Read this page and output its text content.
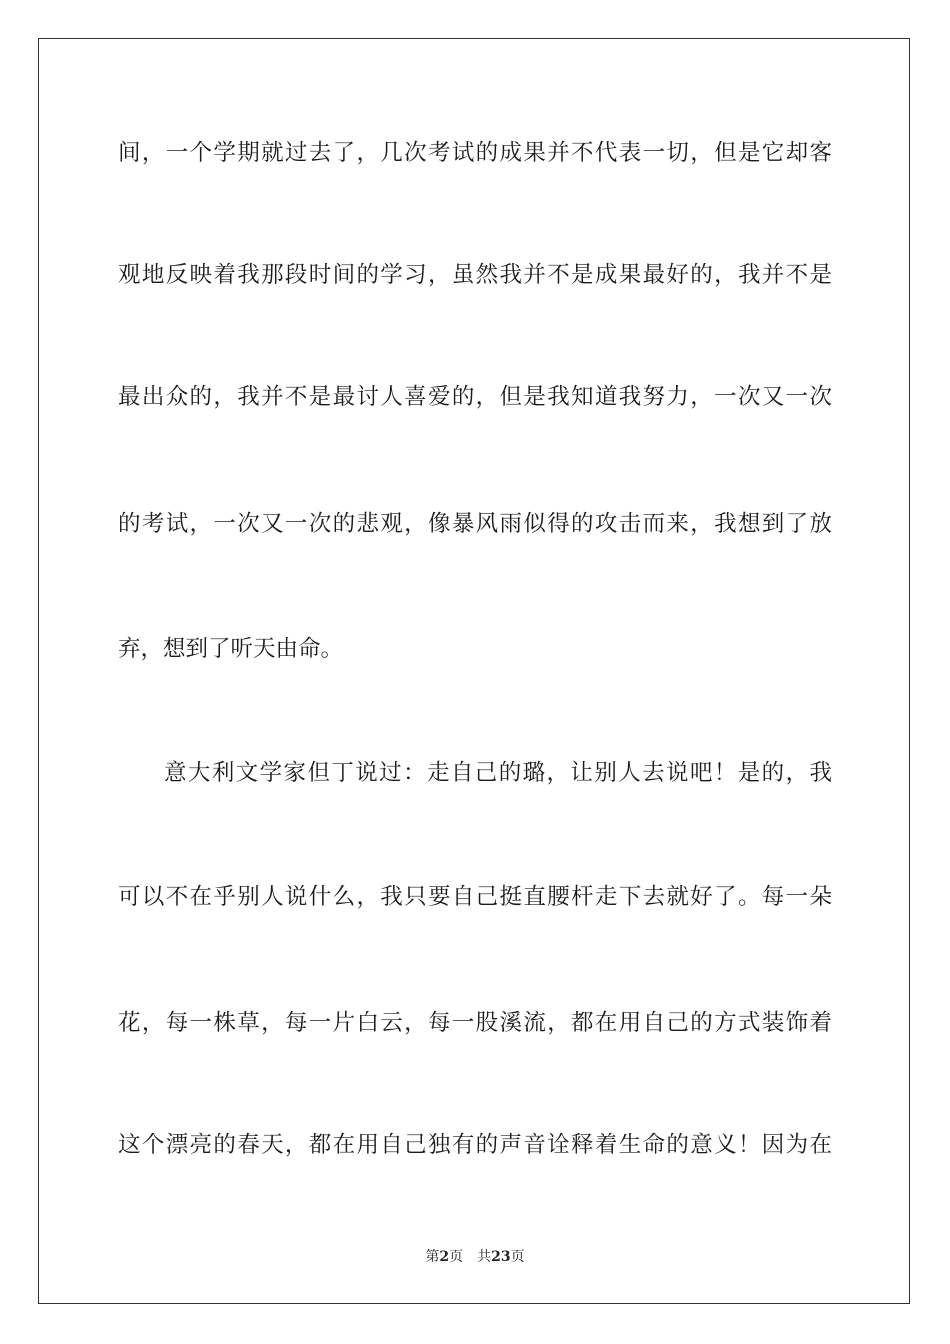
间，一个学期就过去了，几次考试的成果并不代表一切，但是它却客
观地反映着我那段时间的学习，虽然我并不是成果最好的，我并不是
最出众的，我并不是最讨人喜爱的，但是我知道我努力，一次又一次
的考试，一次又一次的悲观，像暴风雨似得的攻击而来，我想到了放
弃，想到了听天由命。
意大利文学家但丁说过：走自己的璐，让别人去说吧！是的，我
可以不在乎别人说什么，我只要自己挺直腰杆走下去就好了。每一朵
花，每一株草，每一片白云，每一股溪流，都在用自己的方式装饰着
这个漂亮的春天，都在用自己独有的声音诠释着生命的意义！因为在
第2页 共23页
